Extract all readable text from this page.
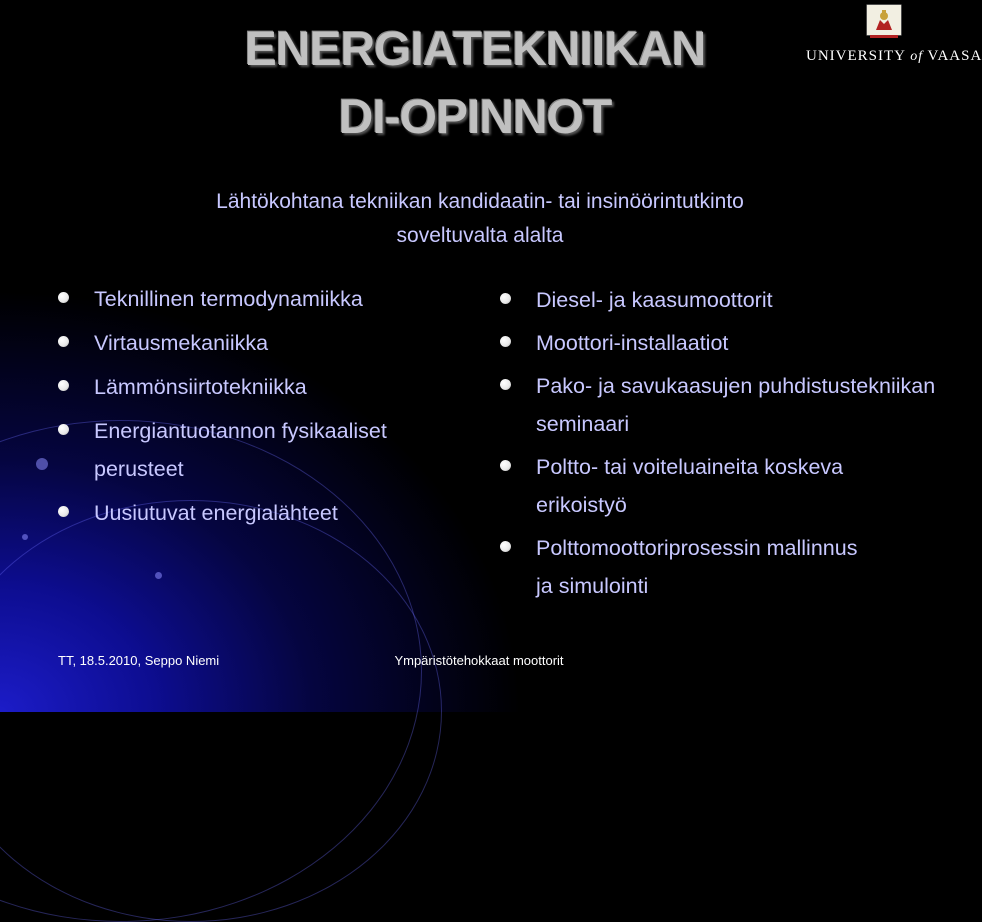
ENERGIATEKNIIKAN
DI-OPINNOT
UNIVERSITY of VAASA
Lähtökohtana tekniikan kandidaatin- tai insinöörintutkinto
soveltuvalta alalta
Teknillinen termodynamiikka
Virtausmekaniikka
Lämmönsiirtotekniikka
Energiantuotannon fysikaaliset perusteet
Uusiutuvat energialähteet
Diesel- ja kaasumoottorit
Moottori-installaatiot
Pako- ja savukaasujen puhdistustekniikan seminaari
Poltto- tai voiteluaineita koskeva erikoistyö
Polttomoottoriprosessin mallinnus ja simulointi
TT, 18.5.2010, Seppo Niemi	Ympäristötehokkaat moottorit
